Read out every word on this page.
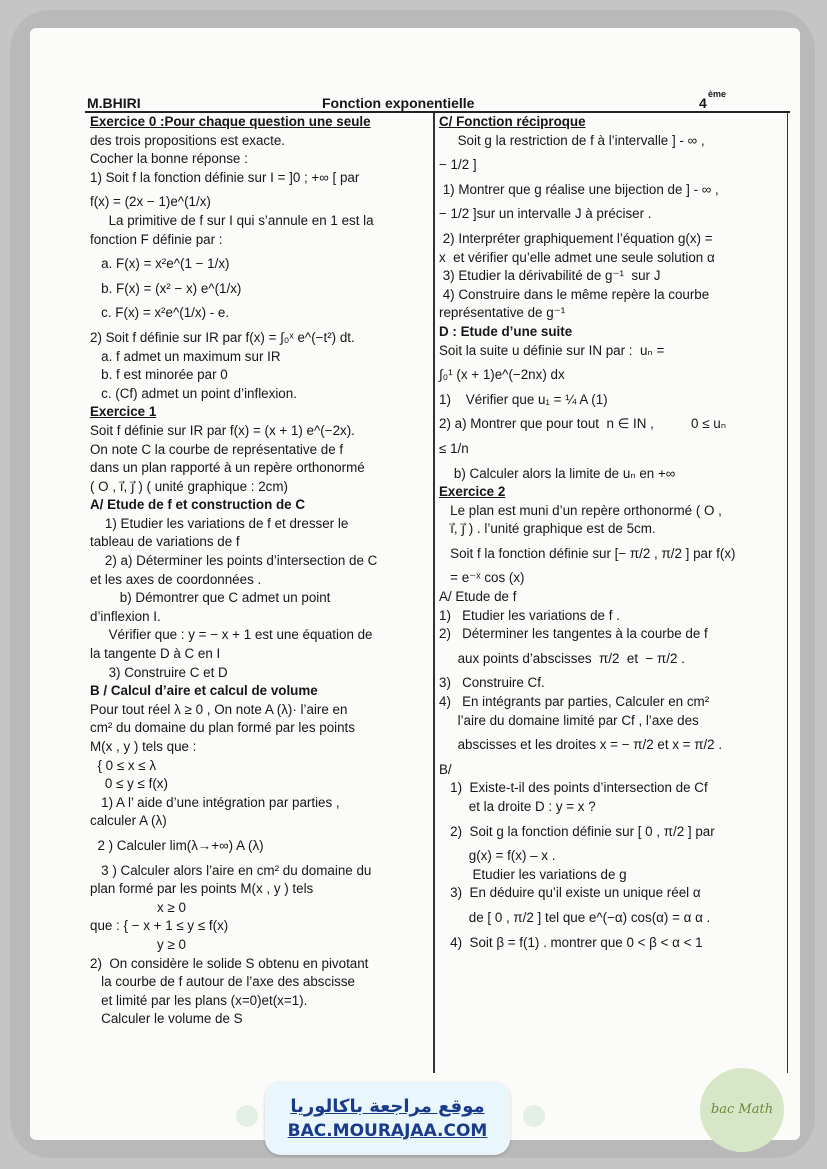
M.BHIRI	Fonction exponentielle	4
ème
Exercice 0 :Pour chaque question une seule
des trois propositions est exacte.
Cocher la bonne réponse :
1) Soit f la fonction définie sur I = ]0 ; +∞ [ par
f(x) = (2x − 1)e^(1/x)
La primitive de f sur I qui s’annule en 1 est la
fonction F définie par :
a. F(x) = x²e^(1 − 1/x)
b. F(x) = (x² − x) e^(1/x)
c. F(x) = x²e^(1/x) - e.
2) Soit f définie sur IR par f(x) = ∫₀ˣ e^(−t²) dt.
a. f admet un maximum sur IR
b. f est minorée par 0
c. (Cf) admet un point d’inflexion.
Exercice 1
Soit f définie sur IR par f(x) = (x + 1) e^(−2x).
On note C la courbe de représentative de f
dans un plan rapporté à un repère orthonormé
( O , i⃗, j⃗ ) ( unité graphique : 2cm)
A/ Etude de f et construction de C
1) Etudier les variations de f et dresser le
tableau de variations de f
2) a) Déterminer les points d’intersection de C
et les axes de coordonnées .
b) Démontrer que C admet un point
d’inflexion I.
Vérifier que : y = − x + 1 est une équation de
la tangente D à C en I
3) Construire C et D
B / Calcul d’aire et calcul de volume
Pour tout réel λ ≥ 0 , On note A (λ)· l’aire en
cm² du domaine du plan formé par les points
M(x , y ) tels que :
{ 0 ≤ x ≤ λ
0 ≤ y ≤ f(x)
1) A l’ aide d’une intégration par parties ,
calculer A (λ)
2 ) Calculer lim(λ→+∞) A (λ)
3 ) Calculer alors l’aire en cm² du domaine du
plan formé par les points M(x , y ) tels
x ≥ 0
que : { − x + 1 ≤ y ≤ f(x)
y ≥ 0
2)  On considère le solide S obtenu en pivotant
la courbe de f autour de l’axe des abscisse
et limité par les plans (x=0)et(x=1).
Calculer le volume de S
C/ Fonction réciproque
Soit g la restriction de f à l’intervalle ] - ∞ ,
− 1/2 ]
1) Montrer que g réalise une bijection de ] - ∞ ,
− 1/2 ]sur un intervalle J à préciser .
2) Interpréter graphiquement l’équation g(x) =
x  et vérifier qu’elle admet une seule solution α
3) Etudier la dérivabilité de g⁻¹  sur J
4) Construire dans le même repère la courbe
représentative de g⁻¹
D : Etude d’une suite
Soit la suite u définie sur IN par :  uₙ =
∫₀¹ (x + 1)e^(−2nx) dx
1)    Vérifier que u₁ = ¼ A (1)
2) a) Montrer que pour tout  n ∈ IN ,          0 ≤ uₙ
≤ 1/n
b) Calculer alors la limite de uₙ en +∞
Exercice 2
Le plan est muni d’un repère orthonormé ( O ,
i⃗, j⃗ ) . l’unité graphique est de 5cm.
Soit f la fonction définie sur [− π/2 , π/2 ] par f(x)
= e⁻ˣ cos (x)
A/ Etude de f
1)   Etudier les variations de f .
2)   Déterminer les tangentes à la courbe de f
aux points d’abscisses  π/2  et  − π/2 .
3)   Construire Cf.
4)   En intégrants par parties, Calculer en cm²
l’aire du domaine limité par Cf , l’axe des
abscisses et les droites x = − π/2 et x = π/2 .
B/
1)  Existe-t-il des points d’intersection de Cf
et la droite D : y = x ?
2)  Soit g la fonction définie sur [ 0 , π/2 ] par
g(x) = f(x) – x .
Etudier les variations de g
3)  En déduire qu’il existe un unique réel α
de [ 0 , π/2 ] tel que e^(−α) cos(α) = α α .
4)  Soit β = f(1) . montrer que 0 < β < α < 1
موقع مراجعة باكالوريا
BAC.MOURAJAA.COM
bac Math
